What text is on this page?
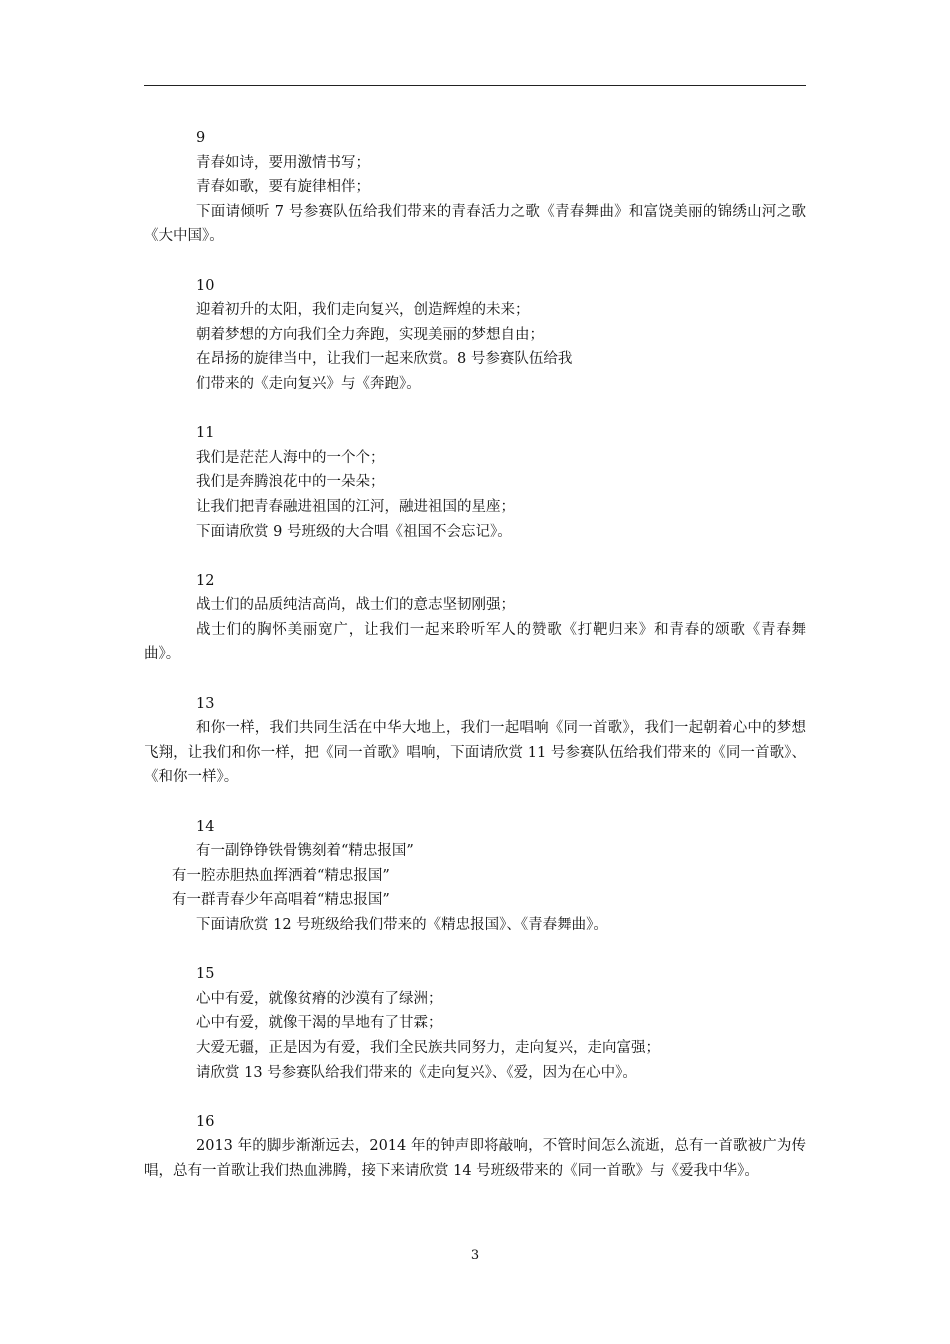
9
青春如诗，要用激情书写；
青春如歌，要有旋律相伴；
下面请倾听 7 号参赛队伍给我们带来的青春活力之歌《青春舞曲》和富饶美丽的锦绣山河之歌《大中国》。
10
迎着初升的太阳，我们走向复兴，创造辉煌的未来；
朝着梦想的方向我们全力奔跑，实现美丽的梦想自由；
在昂扬的旋律当中，让我们一起来欣赏。8 号参赛队伍给我
们带来的《走向复兴》与《奔跑》。
11
我们是茫茫人海中的一个个；
我们是奔腾浪花中的一朵朵；
让我们把青春融进祖国的江河，融进祖国的星座；
下面请欣赏 9 号班级的大合唱《祖国不会忘记》。
12
战士们的品质纯洁高尚，战士们的意志坚韧刚强；
战士们的胸怀美丽宽广，让我们一起来聆听军人的赞歌《打靶归来》和青春的颂歌《青春舞曲》。
13
和你一样，我们共同生活在中华大地上，我们一起唱响《同一首歌》，我们一起朝着心中的梦想飞翔，让我们和你一样，把《同一首歌》唱响，下面请欣赏 11 号参赛队伍给我们带来的《同一首歌》、《和你一样》。
14
有一副铮铮铁骨镌刻着“精忠报国”
有一腔赤胆热血挥洒着“精忠报国”
有一群青春少年高唱着“精忠报国”
下面请欣赏 12 号班级给我们带来的《精忠报国》、《青春舞曲》。
15
心中有爱，就像贫瘠的沙漠有了绿洲；
心中有爱，就像干渴的旱地有了甘霖；
大爱无疆，正是因为有爱，我们全民族共同努力，走向复兴，走向富强；
请欣赏 13 号参赛队给我们带来的《走向复兴》、《爱，因为在心中》。
16
2013 年的脚步渐渐远去，2014 年的钟声即将敲响，不管时间怎么流逝，总有一首歌被广为传唱，总有一首歌让我们热血沸腾，接下来请欣赏 14 号班级带来的《同一首歌》与《爱我中华》。
3
